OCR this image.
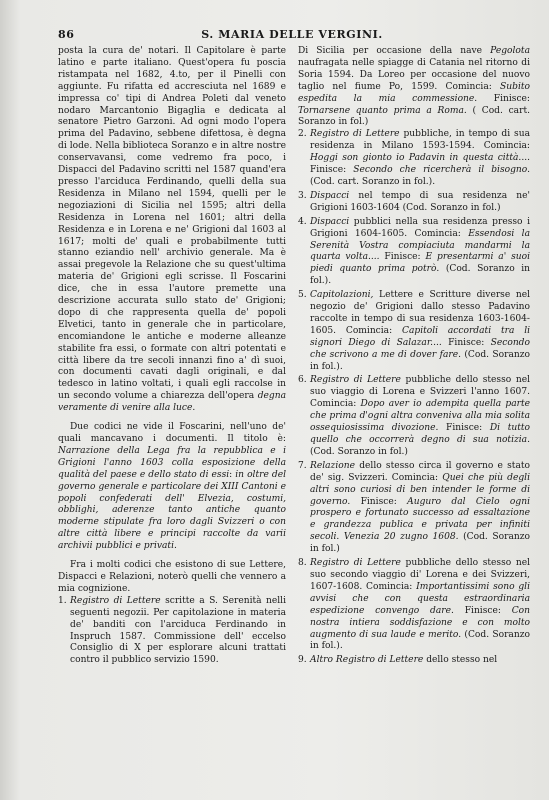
86	S. MARIA DELLE VERGINI.

posta la cura de' notari. Il Capitolare è parte latino e parte italiano. Quest'opera fu poscia ristampata nel 1682, 4.to, per il Pinelli con aggiunte. Fu rifatta ed accresciuta nel 1689 e impressa co' tipi di Andrea Poleti dal veneto nodaro Marcantonio Bigaglia e dedicata al senatore Pietro Garzoni. Ad ogni modo l'opera prima del Padavino, sebbene difettosa, è degna di lode. Nella biblioteca Soranzo e in altre nostre conservavansi, come vedremo fra poco, i Dispacci del Padavino scritti nel 1587 quand'era presso l'arciduca Ferdinando, quelli della sua Residenza in Milano nel 1594, quelli per le negoziazioni di Sicilia nel 1595; altri della Residenza in Lorena nel 1601; altri della Residenza e in Lorena e ne' Grigioni dal 1603 al 1617; molti de' quali e probabilmente tutti stanno eziandio nell' archivio generale. Ma è assai pregevole la Relazione che su quest'ultima materia de' Grigioni egli scrisse. Il Foscarini dice, che in essa l'autore premette una descrizione accurata sullo stato de' Grigioni; dopo di che rappresenta quella de' popoli Elvetici, tanto in generale che in particolare, encomiandone le antiche e moderne alleanze stabilite fra essi, o formate con altri potentati e città libere da tre secoli innanzi fino a' dì suoi, con documenti cavati dagli originali, e dal tedesco in latino voltati, i quali egli raccolse in un secondo volume a chiarezza dell'opera degna veramente di venire alla luce.

Due codici ne vide il Foscarini, nell'uno de' quali mancavano i documenti. Il titolo è: Narrazione della Lega fra la repubblica e i Grigioni l'anno 1603 colla esposizione della qualità del paese e dello stato di essi: in oltre del governo generale e particolare dei XIII Cantoni e popoli confederati dell' Elvezia, costumi, obblighi, aderenze tanto antiche quanto moderne stipulate fra loro dagli Svizzeri o con altre città libere e principi raccolte da varii archivii pubblici e privati.

Fra i molti codici che esistono di sue Lettere, Dispacci e Relazioni, noterò quelli che vennero a mia cognizione.

1. Registro di Lettere scritte a S. Serenità nelli seguenti negozii. Per capitolazione in materia de' banditi con l'arciduca Ferdinando in Inspruch 1587. Commissione dell' eccelso Consiglio di X per esplorare alcuni trattati contro il pubblico servizio 1590.

Di Sicilia per occasione della nave Pegolota naufragata nelle spiagge di Catania nel ritorno di Soria 1594. Da Loreo per occasione del nuovo taglio nel fiume Po, 1599. Comincia: Subito espedita la mia commessione. Finisce: Tornarsene quanto prima a Roma. ( Cod. cart. Soranzo in fol.)

2. Registro di Lettere pubbliche, in tempo di sua residenza in Milano 1593-1594. Comincia: Hoggi son gionto io Padavin in questa città.... Finisce: Secondo che ricercherà il bisogno. (Cod. cart. Soranzo in fol.).

3. Dispacci nel tempo di sua residenza ne' Grigioni 1603-1604 (Cod. Soranzo in fol.)

4. Dispacci pubblici nella sua residenza presso i Grigioni 1604-1605. Comincia: Essendosi la Serenità Vostra compiaciuta mandarmi la quarta volta.... Finisce: E presentarmi a' suoi piedi quanto prima potrò. (Cod. Soranzo in fol.).

5. Capitolazioni, Lettere e Scritture diverse nel negozio de' Grigioni dallo stesso Padavino raccolte in tempo di sua residenza 1603-1604-1605. Comincia: Capitoli accordati tra li signori Diego di Salazar.... Finisce: Secondo che scrivono a me di dover fare. (Cod. Soranzo in fol.).

6. Registro di Lettere pubbliche dello stesso nel suo viaggio di Lorena e Svizzeri l'anno 1607. Comincia: Dopo aver io adempita quella parte che prima d'ogni altra conveniva alla mia solita ossequiosissima divozione. Finisce: Di tutto quello che occorrerà degno di sua notizia. (Cod. Soranzo in fol.)

7. Relazione dello stesso circa il governo e stato de' sig. Svizzeri. Comincia: Quei che più degli altri sono curiosi di ben intender le forme di governo. Finisce: Auguro dal Cielo ogni prospero e fortunato successo ad essaltazione e grandezza publica e privata per infiniti secoli. Venezia 20 zugno 1608. (Cod. Soranzo in fol.)

8. Registro di Lettere pubbliche dello stesso nel suo secondo viaggio di' Lorena e dei Svizzeri, 1607-1608. Comincia: Importantissimi sono gli avvisi che con questa estraordinaria espedizione convengo dare. Finisce: Con nostra intiera soddisfazione e con molto augmento di sua laude e merito. (Cod. Soranzo in fol.).

9. Altro Registro di Lettere dello stesso nel
